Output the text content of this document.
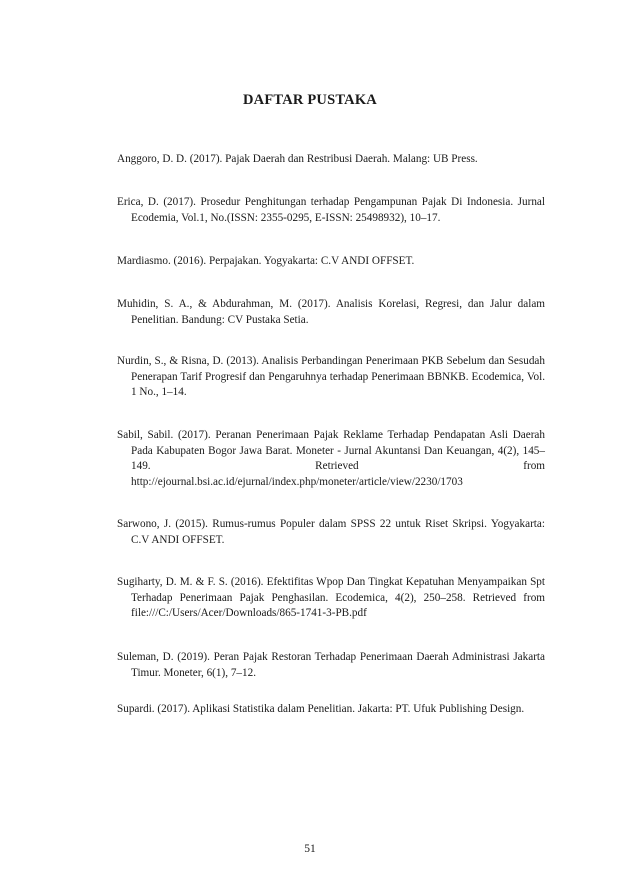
DAFTAR PUSTAKA

Anggoro, D. D. (2017). Pajak Daerah dan Restribusi Daerah. Malang: UB Press.

Erica, D. (2017). Prosedur Penghitungan terhadap Pengampunan Pajak Di Indonesia. Jurnal Ecodemia, Vol.1, No.(ISSN: 2355-0295, E-ISSN: 25498932), 10–17.

Mardiasmo. (2016). Perpajakan. Yogyakarta: C.V ANDI OFFSET.

Muhidin, S. A., & Abdurahman, M. (2017). Analisis Korelasi, Regresi, dan Jalur dalam Penelitian. Bandung: CV Pustaka Setia.

Nurdin, S., & Risna, D. (2013). Analisis Perbandingan Penerimaan PKB Sebelum dan Sesudah Penerapan Tarif Progresif dan Pengaruhnya terhadap Penerimaan BBNKB. Ecodemica, Vol. 1 No., 1–14.

Sabil, Sabil. (2017). Peranan Penerimaan Pajak Reklame Terhadap Pendapatan Asli Daerah Pada Kabupaten Bogor Jawa Barat. Moneter - Jurnal Akuntansi Dan Keuangan, 4(2), 145–149. Retrieved from http://ejournal.bsi.ac.id/ejurnal/index.php/moneter/article/view/2230/1703

Sarwono, J. (2015). Rumus-rumus Populer dalam SPSS 22 untuk Riset Skripsi. Yogyakarta: C.V ANDI OFFSET.

Sugiharty, D. M. & F. S. (2016). Efektifitas Wpop Dan Tingkat Kepatuhan Menyampaikan Spt Terhadap Penerimaan Pajak Penghasilan. Ecodemica, 4(2), 250–258. Retrieved from file:///C:/Users/Acer/Downloads/865-1741-3-PB.pdf

Suleman, D. (2019). Peran Pajak Restoran Terhadap Penerimaan Daerah Administrasi Jakarta Timur. Moneter, 6(1), 7–12.

Supardi. (2017). Aplikasi Statistika dalam Penelitian. Jakarta: PT. Ufuk Publishing Design.

51
